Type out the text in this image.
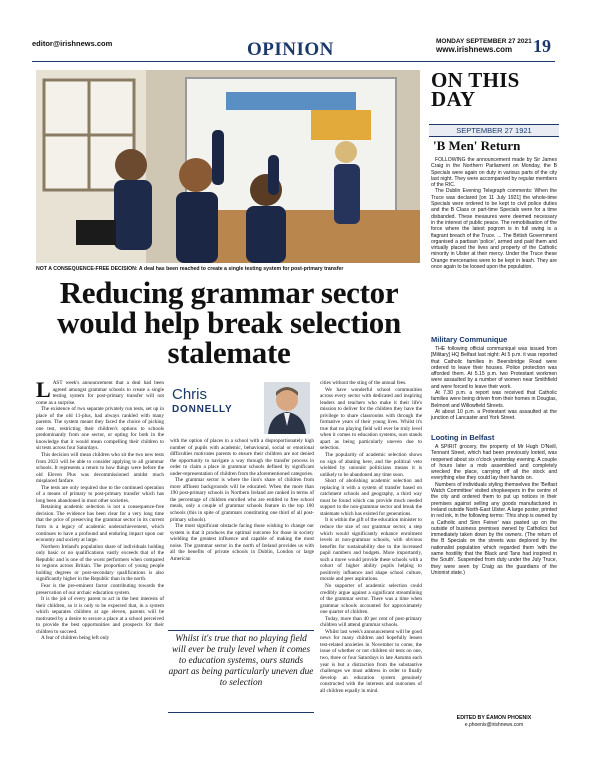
editor@irishnews.com	OPINION	MONDAY SEPTEMBER 27 2021
www.irishnews.com	19
NOT A CONSEQUENCE-FREE DECISION: A deal has been reached to create a single testing system for post-primary transfer
Reducing grammar sector would help break selection stalemate
Chris
DONNELLY

LAST week's announcement that a deal had been agreed amongst grammar schools to create a single testing system for post-primary transfer will not come as a surprise.

The existence of two separate privately run tests, set up in place of the old 11-plus, had always rankled with many parents. The system meant they faced the choice of picking one test, restricting their children's options to schools predominantly from one sector, or opting for both in the knowledge that it would mean compelling their children to sit tests across four Saturdays.

This decision will mean children who sit the two new tests from 2023 will be able to consider applying to all grammar schools. It represents a return to how things were before the old Eleven Plus was decommissioned amidst much misplaced fanfare.

The tests are only required due to the continued operation of a means of primary to post-primary transfer which has long been abandoned in most other societies.

Retaining academic selection is not a consequence-free decision. The evidence has been clear for a very long time that the price of preserving the grammar sector in its current form is a legacy of academic underachievement, which continues to have a profound and enduring impact upon our economy and society at large.

Northern Ireland's population share of individuals holding only basic or no qualifications vastly exceeds that of the Republic and is one of the worst performers when compared to regions across Britain. The proportion of young people holding degrees or post-secondary qualifications is also significantly higher in the Republic than in the north.

Fear is the pre-eminent factor contributing towards the preservation of our archaic education system.

It is the job of every parent to act in the best interests of their children, so it is only to be expected that, in a system which separates children at age eleven, parents will be motivated by a desire to secure a place at a school perceived to provide the best opportunities and prospects for their children to succeed.

A fear of children being left only

with the option of places in a school with a disproportionately high number of pupils with academic, behavioural, social or emotional difficulties motivates parents to ensure their children are not denied the opportunity to navigate a way through the transfer process in order to claim a place in grammar schools defined by significant under-representation of children from the aforementioned categories.

The grammar sector is where the lion's share of children from more affluent backgrounds will be educated. When the more than 190 post-primary schools in Northern Ireland are ranked in terms of the percentage of children enrolled who are entitled to free school meals, only a couple of grammar schools feature in the top 100 schools (this in spite of grammars constituting one third of all post-primary schools).

The most significant obstacle facing those wishing to change our system is that it produces the optimal outcome for those in society wielding the greatest influence and capable of making the most noise. The grammar sector in the north of Ireland provides us with all the benefits of private schools in Dublin, London or large American

Whilst it's true that no playing field will ever be truly level when it comes to education systems, ours stands apart as being particularly uneven due to selection

cities without the sting of the annual fees.

We have wonderful school communities across every sector with dedicated and inspiring leaders and teachers who make it their life's mission to deliver for the children they have the privilege to share classrooms with through the formative years of their young lives. Whilst it's true that no playing field will ever be truly level when it comes to education systems, ours stands apart as being particularly uneven due to selection.

The popularity of academic selection shows no sign of abating here, and the political veto wielded by unionist politicians means it is unlikely to be abandoned any time soon.

Short of abolishing academic selection and replacing it with a system of transfer based on catchment schools and geography, a third way must be found which can provide much needed support to the non-grammar sector and break the stalemate which has existed for generations.

It is within the gift of the education minister to reduce the size of our grammar sector, a step which would significantly enhance enrolment levels at non-grammar schools, with obvious benefits for sustainability due to the increased pupil numbers and budgets. More importantly, such a move would provide these schools with a cohort of higher ability pupils helping to positively influence and shape school culture, morale and peer aspirations.

No supporter of academic selection could credibly argue against a significant streamlining of the grammar sector. There was a time when grammar schools accounted for approximately one quarter of children.

Today, more than 40 per cent of post-primary children will attend grammar schools.

Whilst last week's announcement will be good news for many children and hopefully lessen test-related anxieties in November to come, the issue of whether or not children sit tests on one, two, three or four Saturdays in late Autumn each year is but a distraction from the substantive challenges we must address in order to finally develop an education system genuinely constructed with the interests and outcomes of all children equally in mind.

ON THIS
DAY
SEPTEMBER 27 1921
'B Men' Return

FOLLOWING the announcement made by Sir James Craig in the Northern Parliament on Monday, the B Specials were again on duty in various parts of the city last night. They were accompanied by regular members of the RIC.

The Dublin Evening Telegraph comments: When the Truce was declared [on 11 July 1921] the whole-time Specials were ordered to be kept to civil police duties and the B Class or part-time Specials were for a time disbanded. These measures were deemed necessary in the interest of public peace. The remobilisation of the force where the latest pogrom is in full swing is a flagrant breach of the Truce. ... The British Government organised a partisan 'police', armed and paid them and virtually placed the lives and property of the Catholic minority in Ulster at their mercy. Under the Truce these Orange mercenaries were to be kept in leash. They are once again to be loosed upon the population.

Military Communique

THE following official communiqué was issued from [Military] HQ Belfast last night: At 5 p.m. it was reported that Catholic families in Beersbridge Road were ordered to leave their houses. Police protection was afforded them. At 5.15 p.m. two Protestant workmen were assaulted by a number of women near Smithfield and were forced to leave their work.

At 7.30 p.m. a report was received that Catholic families were being driven from their homes in Douglas, Belmont and Willowfield Streets.

At about 10 p.m. a Protestant was assaulted at the junction of Lancaster and York Street.

Looting in Belfast

A SPIRIT grocery, the property of Mr Hugh O'Neill, Tennant Street, which had been previously looted, was reopened about six o'clock yesterday evening. A couple of hours later a mob assembled and completely wrecked the place, carrying off all the stock and everything else they could lay their hands on.

Numbers of individuals styling themselves the 'Belfast Watch Committee' visited shopkeepers in the centre of the city and ordered them to put up notices in their premises against selling any goods manufactured in Ireland outside North-East Ulster. A large poster, printed in red ink, in the following terms: 'This shop is owned by a Catholic and Sinn Feiner' was pasted up on the outside of business premises owned by Catholics but immediately taken down by the owners. (The return of the B Specials on the streets was deplored by the nationalist population which regarded them 'with the same hostility that the Black and Tans had inspired in the South'. Suspended from duty under the July Truce, they were seen by Craig as the guardians of the Unionist state.)

EDITED BY ÉAMON PHOENIX
e.phoenix@irishnews.com
